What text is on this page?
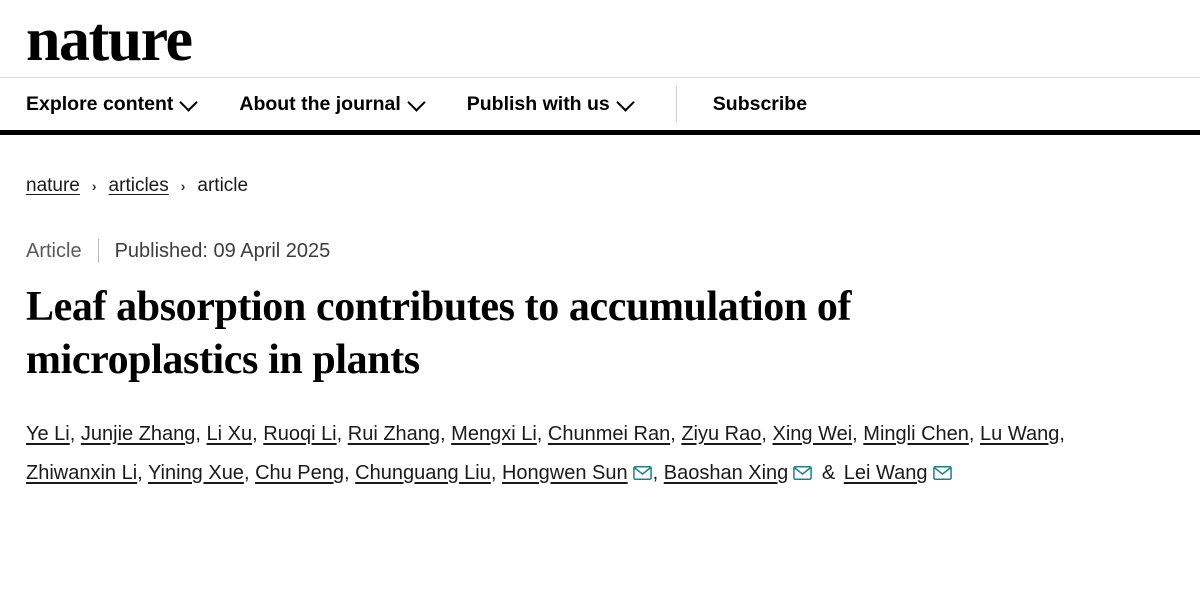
nature
Explore content	About the journal	Publish with us	Subscribe
nature › articles › article
Article Published: 09 April 2025
Leaf absorption contributes to accumulation of microplastics in plants
Ye Li, Junjie Zhang, Li Xu, Ruoqi Li, Rui Zhang, Mengxi Li, Chunmei Ran, Ziyu Rao, Xing Wei, Mingli Chen, Lu Wang, Zhiwanxin Li, Yining Xue, Chu Peng, Chunguang Liu, Hongwen Sun , Baoshan Xing
& Lei Wang
